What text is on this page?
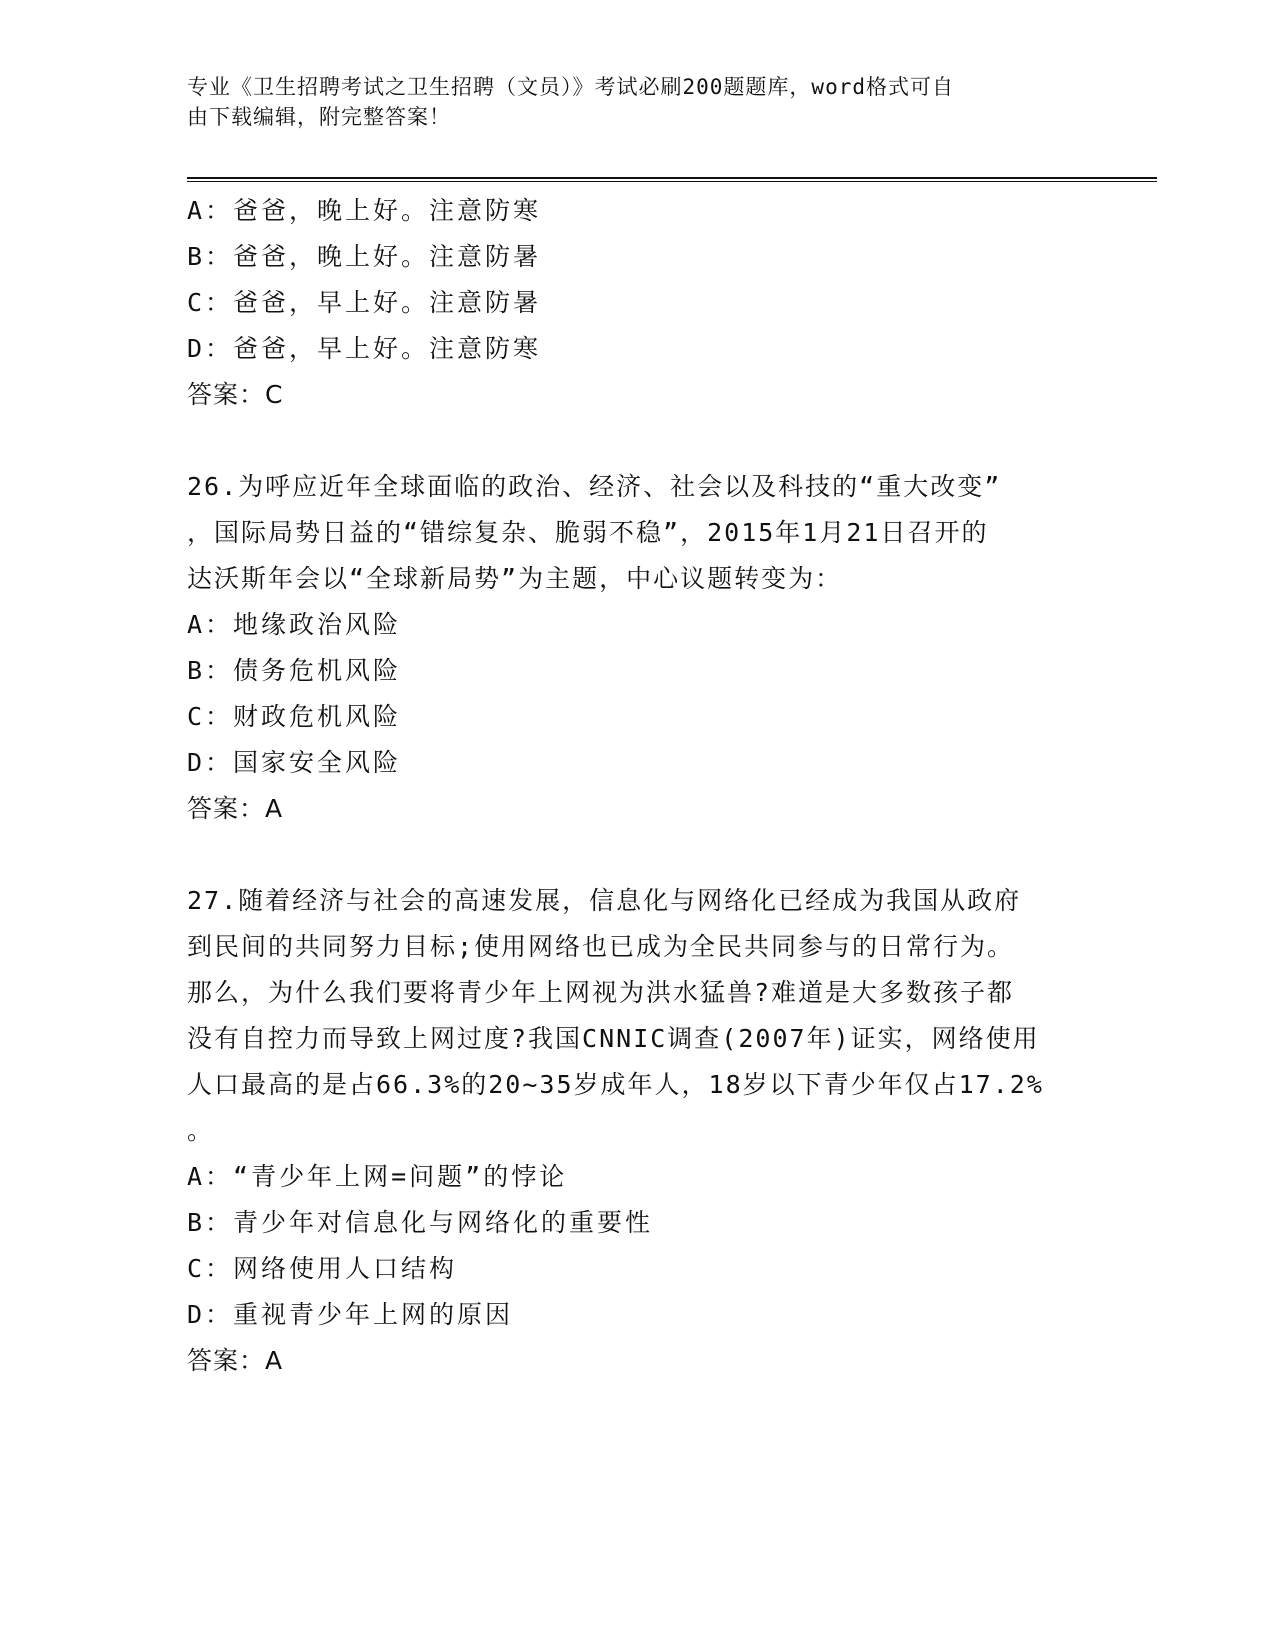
专业《卫生招聘考试之卫生招聘（文员）》考试必刷200题题库，word格式可自
由下载编辑，附完整答案！
A：爸爸，晚上好。注意防寒
B：爸爸，晚上好。注意防暑
C：爸爸，早上好。注意防暑
D：爸爸，早上好。注意防寒
答案：C
26.为呼应近年全球面临的政治、经济、社会以及科技的“重大改变”
，国际局势日益的“错综复杂、脆弱不稳”，2015年1月21日召开的
达沃斯年会以“全球新局势”为主题，中心议题转变为：
A：地缘政治风险
B：债务危机风险
C：财政危机风险
D：国家安全风险
答案：A
27.随着经济与社会的高速发展，信息化与网络化已经成为我国从政府
到民间的共同努力目标;使用网络也已成为全民共同参与的日常行为。
那么，为什么我们要将青少年上网视为洪水猛兽?难道是大多数孩子都
没有自控力而导致上网过度?我国CNNIC调查(2007年)证实，网络使用
人口最高的是占66.3%的20~35岁成年人，18岁以下青少年仅占17.2%
。
A：“青少年上网=问题”的悖论
B：青少年对信息化与网络化的重要性
C：网络使用人口结构
D：重视青少年上网的原因
答案：A
